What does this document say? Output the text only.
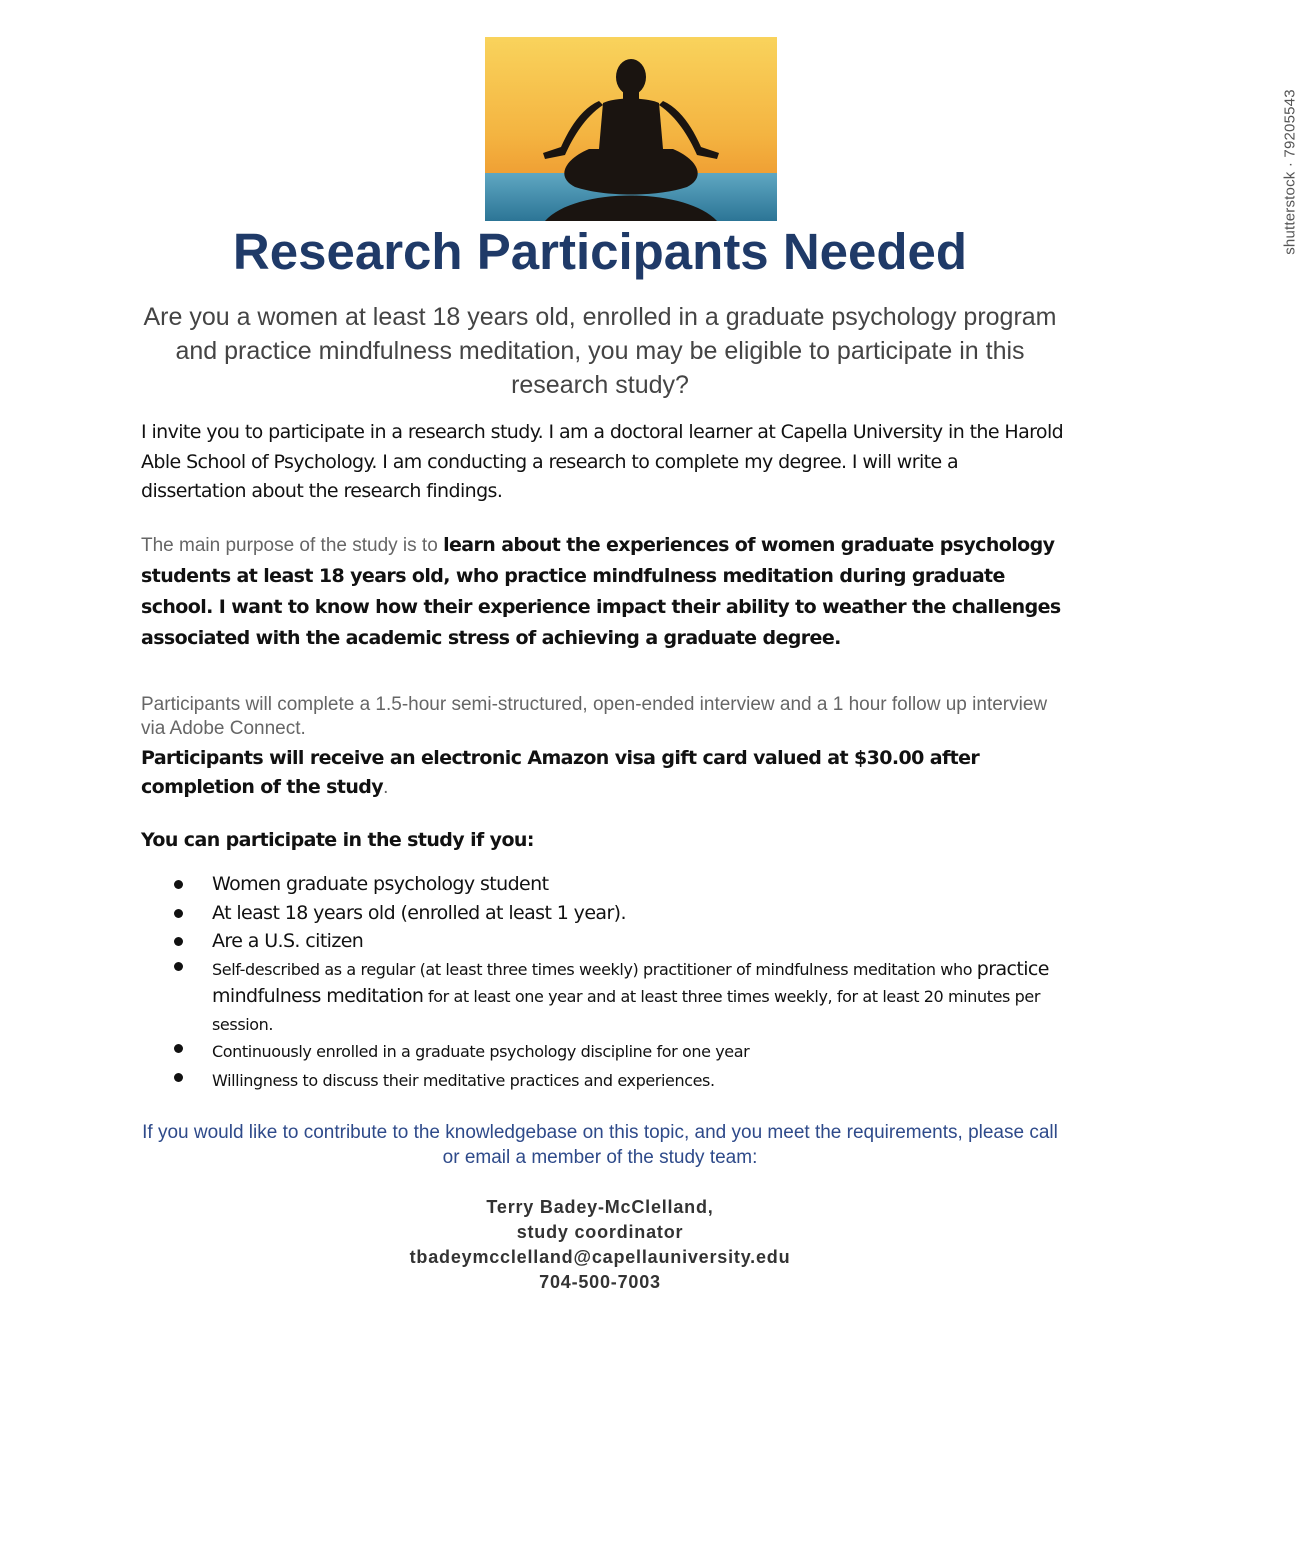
shutterstock · 79205543
Research Participants Needed

Are you a women at least 18 years old, enrolled in a graduate psychology program and practice mindfulness meditation, you may be eligible to participate in this research study?

I invite you to participate in a research study. I am a doctoral learner at Capella University in the Harold Able School of Psychology. I am conducting a research to complete my degree. I will write a dissertation about the research findings.

The main purpose of the study is to learn about the experiences of women graduate psychology students at least 18 years old, who practice mindfulness meditation during graduate school. I want to know how their experience impact their ability to weather the challenges associated with the academic stress of achieving a graduate degree.

Participants will complete a 1.5-hour semi-structured, open-ended interview and a 1 hour follow up interview via Adobe Connect.

Participants will receive an electronic Amazon visa gift card valued at $30.00 after completion of the study.

You can participate in the study if you:

Women graduate psychology student
At least 18 years old (enrolled at least 1 year).
Are a U.S. citizen
Self-described as a regular (at least three times weekly) practitioner of mindfulness meditation who practice mindfulness meditation for at least one year and at least three times weekly, for at least 20 minutes per session.
Continuously enrolled in a graduate psychology discipline for one year
Willingness to discuss their meditative practices and experiences.

If you would like to contribute to the knowledgebase on this topic, and you meet the requirements, please call or email a member of the study team:

Terry Badey-McClelland,
study coordinator
tbadeymcclelland@capellauniversity.edu
704-500-7003
